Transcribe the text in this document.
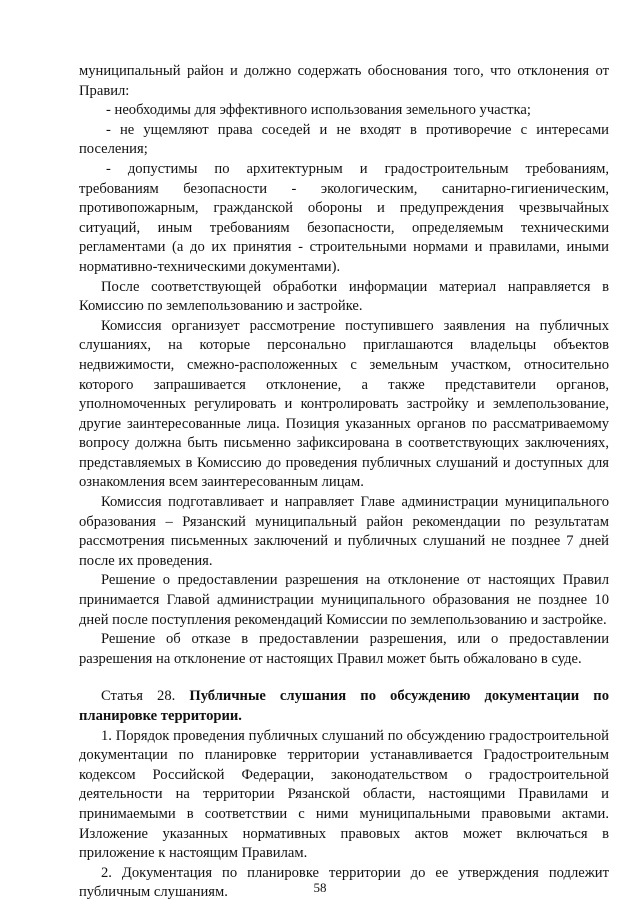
муниципальный район и должно содержать обоснования того, что отклонения от Правил:

- необходимы для эффективного использования земельного участка;

- не ущемляют права соседей и не входят в противоречие с интересами поселения;

- допустимы по архитектурным и градостроительным требованиям, требованиям безопасности - экологическим, санитарно-гигиеническим, противопожарным, гражданской обороны и предупреждения чрезвычайных ситуаций, иным требованиям безопасности, определяемым техническими регламентами (а до их принятия - строительными нормами и правилами, иными нормативно-техническими документами).

После соответствующей обработки информации материал направляется в Комиссию по землепользованию и застройке.

Комиссия организует рассмотрение поступившего заявления на публичных слушаниях, на которые персонально приглашаются владельцы объектов недвижимости, смежно-расположенных с земельным участком, относительно которого запрашивается отклонение, а также представители органов, уполномоченных регулировать и контролировать застройку и землепользование, другие заинтересованные лица. Позиция указанных органов по рассматриваемому вопросу должна быть письменно зафиксирована в соответствующих заключениях, представляемых в Комиссию до проведения публичных слушаний и доступных для ознакомления всем заинтересованным лицам.

Комиссия подготавливает и направляет Главе администрации муниципального образования – Рязанский муниципальный район рекомендации по результатам рассмотрения письменных заключений и публичных слушаний не позднее 7 дней после их проведения.

Решение о предоставлении разрешения на отклонение от настоящих Правил принимается Главой администрации муниципального образования не позднее 10 дней после поступления рекомендаций Комиссии по землепользованию и застройке.

Решение об отказе в предоставлении разрешения, или о предоставлении разрешения на отклонение от настоящих Правил может быть обжаловано в суде.

Статья 28. Публичные слушания по обсуждению документации по планировке территории.

1. Порядок проведения публичных слушаний по обсуждению градостроительной документации по планировке территории устанавливается Градостроительным кодексом Российской Федерации, законодательством о градостроительной деятельности на территории Рязанской области, настоящими Правилами и принимаемыми в соответствии с ними муниципальными правовыми актами. Изложение указанных нормативных правовых актов может включаться в приложение к настоящим Правилам.

2. Документация по планировке территории до ее утверждения подлежит публичным слушаниям.	58
